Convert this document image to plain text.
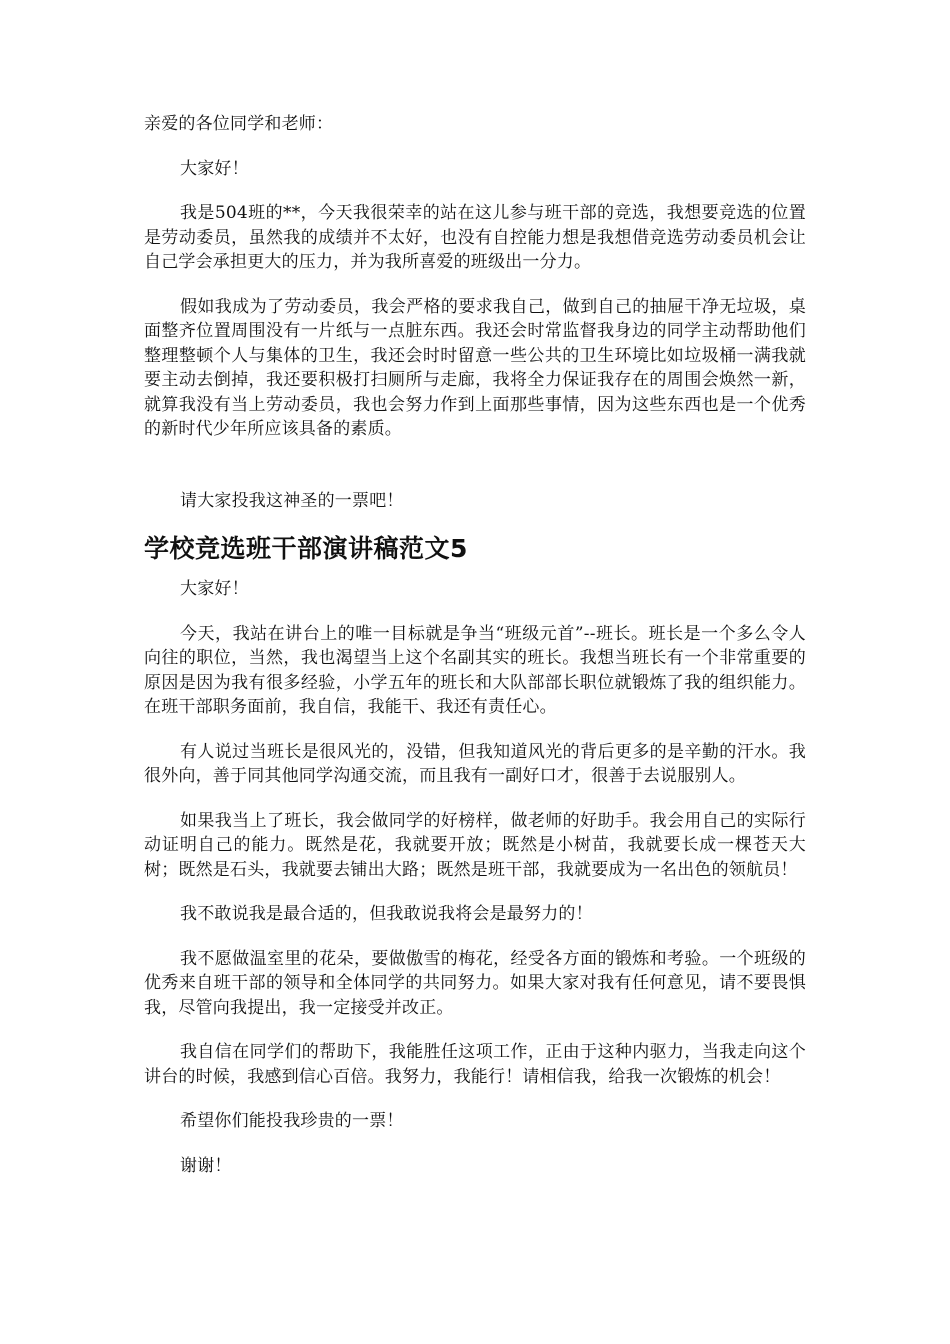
亲爱的各位同学和老师：

大家好！

我是504班的**，今天我很荣幸的站在这儿参与班干部的竞选，我想要竞选的位置是劳动委员，虽然我的成绩并不太好，也没有自控能力想是我想借竞选劳动委员机会让自己学会承担更大的压力，并为我所喜爱的班级出一分力。

假如我成为了劳动委员，我会严格的要求我自己，做到自己的抽屉干净无垃圾，桌面整齐位置周围没有一片纸与一点脏东西。我还会时常监督我身边的同学主动帮助他们整理整顿个人与集体的卫生，我还会时时留意一些公共的卫生环境比如垃圾桶一满我就要主动去倒掉，我还要积极打扫厕所与走廊，我将全力保证我存在的周围会焕然一新，就算我没有当上劳动委员，我也会努力作到上面那些事情，因为这些东西也是一个优秀的新时代少年所应该具备的素质。

请大家投我这神圣的一票吧！

学校竞选班干部演讲稿范文5

大家好！

今天，我站在讲台上的唯一目标就是争当“班级元首”--班长。班长是一个多么令人向往的职位，当然，我也渴望当上这个名副其实的班长。我想当班长有一个非常重要的原因是因为我有很多经验，小学五年的班长和大队部部长职位就锻炼了我的组织能力。在班干部职务面前，我自信，我能干、我还有责任心。

有人说过当班长是很风光的，没错，但我知道风光的背后更多的是辛勤的汗水。我很外向，善于同其他同学沟通交流，而且我有一副好口才，很善于去说服别人。

如果我当上了班长，我会做同学的好榜样，做老师的好助手。我会用自己的实际行动证明自己的能力。既然是花，我就要开放；既然是小树苗，我就要长成一棵苍天大树；既然是石头，我就要去铺出大路；既然是班干部，我就要成为一名出色的领航员！

我不敢说我是最合适的，但我敢说我将会是最努力的！

我不愿做温室里的花朵，要做傲雪的梅花，经受各方面的锻炼和考验。一个班级的优秀来自班干部的领导和全体同学的共同努力。如果大家对我有任何意见，请不要畏惧我，尽管向我提出，我一定接受并改正。

我自信在同学们的帮助下，我能胜任这项工作，正由于这种内驱力，当我走向这个讲台的时候，我感到信心百倍。我努力，我能行！请相信我，给我一次锻炼的机会！

希望你们能投我珍贵的一票！

谢谢！
